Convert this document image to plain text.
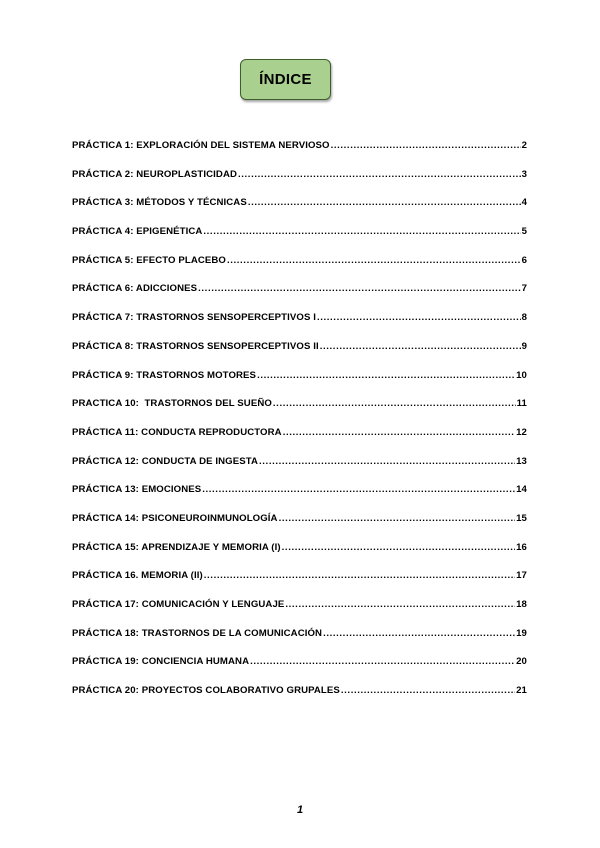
ÍNDICE
PRÁCTICA 1: EXPLORACIÓN DEL SISTEMA NERVIOSO .....	2
PRÁCTICA 2: NEUROPLASTICIDAD .....	3
PRÁCTICA 3: MÉTODOS Y TÉCNICAS .....	4
PRÁCTICA 4: EPIGENÉTICA .....	5
PRÁCTICA 5: EFECTO PLACEBO .....	6
PRÁCTICA 6: ADICCIONES .....	7
PRÁCTICA 7: TRASTORNOS SENSOPERCEPTIVOS I .....	8
PRÁCTICA 8: TRASTORNOS SENSOPERCEPTIVOS II .....	9
PRÁCTICA 9: TRASTORNOS MOTORES .....	10
PRACTICA 10:  TRASTORNOS DEL SUEÑO .....	11
PRÁCTICA 11: CONDUCTA REPRODUCTORA .....	12
PRÁCTICA 12: CONDUCTA DE INGESTA .....	13
PRÁCTICA 13: EMOCIONES .....	14
PRÁCTICA 14: PSICONEUROINMUNOLOGÍA .....	15
PRÁCTICA 15: APRENDIZAJE Y MEMORIA (I) .....	16
PRÁCTICA 16. MEMORIA (II) .....	17
PRÁCTICA 17: COMUNICACIÓN Y LENGUAJE .....	18
PRÁCTICA 18: TRASTORNOS DE LA COMUNICACIÓN .....	19
PRÁCTICA 19: CONCIENCIA HUMANA .....	20
PRÁCTICA 20: PROYECTOS COLABORATIVO GRUPALES .....	21
1
